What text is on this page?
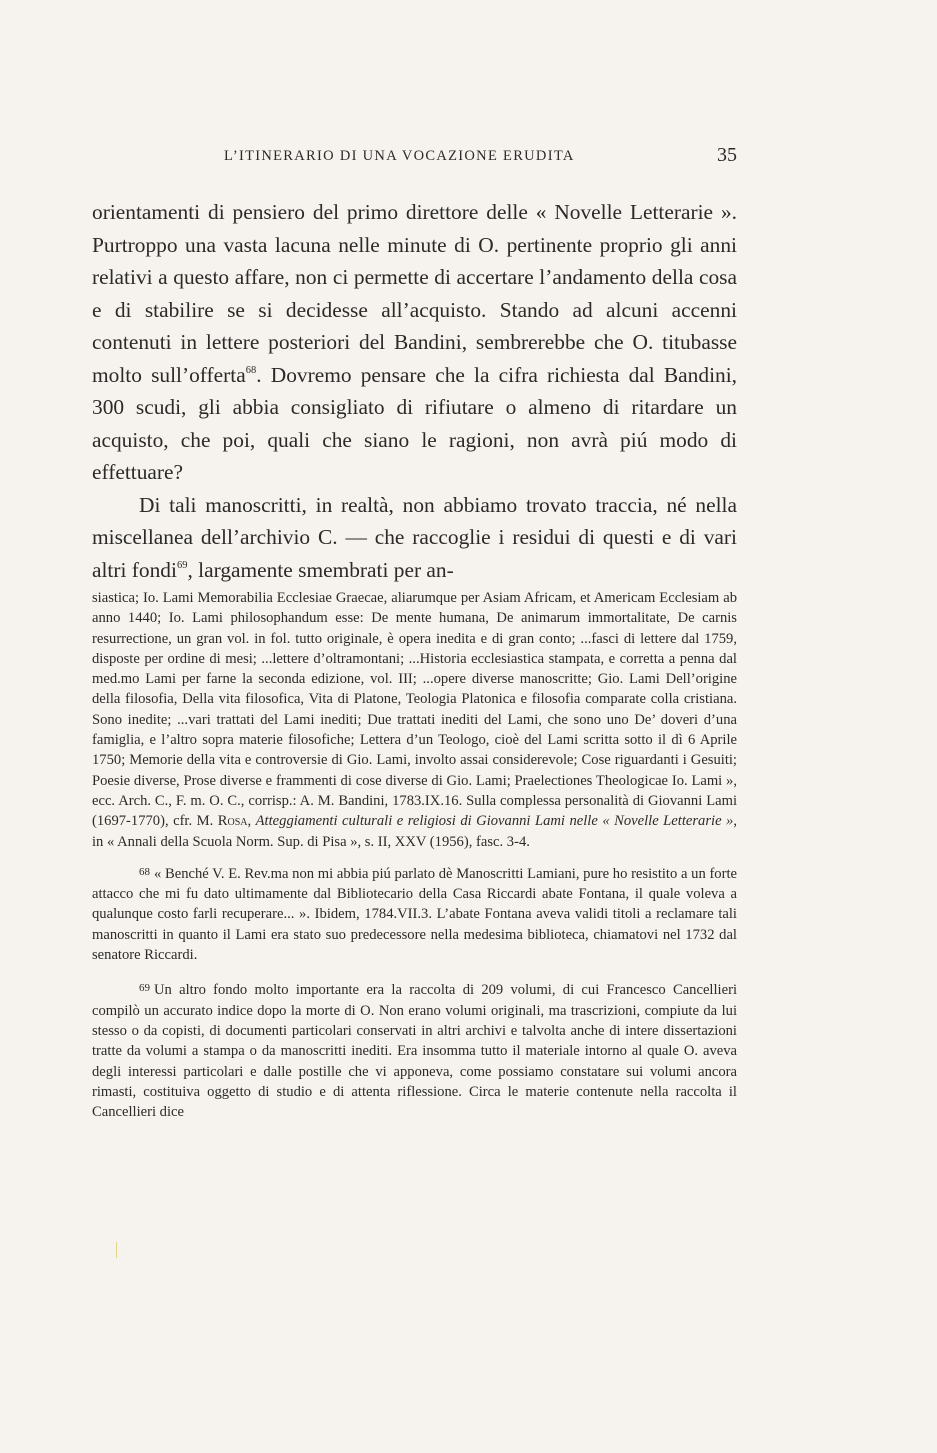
L’ITINERARIO DI UNA VOCAZIONE ERUDITA	35

orientamenti di pensiero del primo direttore delle « Novelle Letterarie ». Purtroppo una vasta lacuna nelle minute di O. pertinente proprio gli anni relativi a questo affare, non ci permette di accertare l’andamento della cosa e di stabilire se si decidesse all’acquisto. Stando ad alcuni accenni contenuti in lettere posteriori del Bandini, sembrerebbe che O. titubasse molto sull’offerta$^{68}$. Dovremo pensare che la cifra richiesta dal Bandini, 300 scudi, gli abbia consigliato di rifiutare o almeno di ritardare un acquisto, che poi, quali che siano le ragioni, non avrà piú modo di effettuare?

Di tali manoscritti, in realtà, non abbiamo trovato traccia, né nella miscellanea dell’archivio C. — che raccoglie i residui di questi e di vari altri fondi$^{69}$, largamente smembrati per an-

siastica; Io. Lami Memorabilia Ecclesiae Graecae, aliarumque per Asiam Africam, et Americam Ecclesiam ab anno 1440; Io. Lami philosophandum esse: De mente humana, De animarum immortalitate, De carnis resurrectione, un gran vol. in fol. tutto originale, è opera inedita e di gran conto; ...fasci di lettere dal 1759, disposte per ordine di mesi; ...lettere d’oltramontani; ...Historia ecclesiastica stampata, e corretta a penna dal med.mo Lami per farne la seconda edizione, vol. III; ...opere diverse manoscritte; Gio. Lami Dell’origine della filosofia, Della vita filosofica, Vita di Platone, Teologia Platonica e filosofia comparate colla cristiana. Sono inedite; ...vari trattati del Lami inediti; Due trattati inediti del Lami, che sono uno De’ doveri d’una famiglia, e l’altro sopra materie filosofiche; Lettera d’un Teologo, cioè del Lami scritta sotto il dì 6 Aprile 1750; Memorie della vita e controversie di Gio. Lami, involto assai considerevole; Cose riguardanti i Gesuiti; Poesie diverse, Prose diverse e frammenti di cose diverse di Gio. Lami; Praelectiones Theologicae Io. Lami », ecc. Arch. C., F. m. O. C., corrisp.: A. M. Bandini, 1783.IX.16. Sulla complessa personalità di Giovanni Lami (1697-1770), cfr. M. Rosa, Atteggiamenti culturali e religiosi di Giovanni Lami nelle « Novelle Letterarie », in « Annali della Scuola Norm. Sup. di Pisa », s. II, XXV (1956), fasc. 3-4.

$^{68}$ « Benché V. E. Rev.ma non mi abbia piú parlato dè Manoscritti Lamiani, pure ho resistito a un forte attacco che mi fu dato ultimamente dal Bibliotecario della Casa Riccardi abate Fontana, il quale voleva a qualunque costo farli recuperare... ». Ibidem, 1784.VII.3. L’abate Fontana aveva validi titoli a reclamare tali manoscritti in quanto il Lami era stato suo predecessore nella medesima biblioteca, chiamatovi nel 1732 dal senatore Riccardi.

$^{69}$ Un altro fondo molto importante era la raccolta di 209 volumi, di cui Francesco Cancellieri compilò un accurato indice dopo la morte di O. Non erano volumi originali, ma trascrizioni, compiute da lui stesso o da copisti, di documenti particolari conservati in altri archivi e talvolta anche di intere dissertazioni tratte da volumi a stampa o da manoscritti inediti. Era insomma tutto il materiale intorno al quale O. aveva degli interessi particolari e dalle postille che vi apponeva, come possiamo constatare sui volumi ancora rimasti, costituiva oggetto di studio e di attenta riflessione. Circa le materie contenute nella raccolta il Cancellieri dice
